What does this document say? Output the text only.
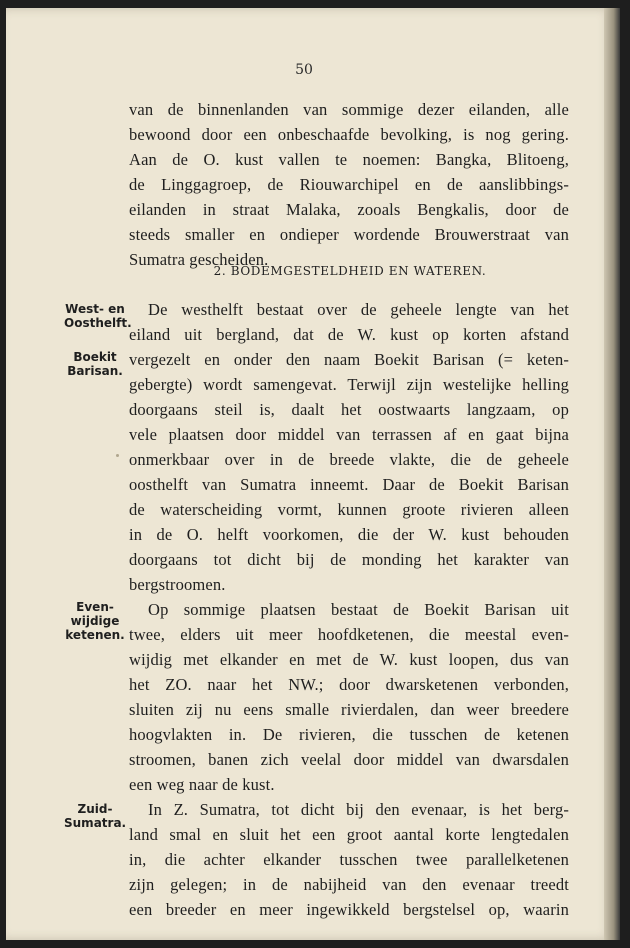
50
van de binnenlanden van sommige dezer eilanden, alle
bewoond door een onbeschaafde bevolking, is nog gering.
Aan de O. kust vallen te noemen: Bangka, Blitoeng,
de Linggagroep, de Riouwarchipel en de aanslibbings-
eilanden in straat Malaka, zooals Bengkalis, door de
steeds smaller en ondieper wordende Brouwerstraat van
Sumatra gescheiden.
2. BODEMGESTELDHEID EN WATEREN.
De westhelft bestaat over de geheele lengte van het
eiland uit bergland, dat de W. kust op korten afstand
vergezelt en onder den naam Boekit Barisan (= keten-
gebergte) wordt samengevat. Terwijl zijn westelijke helling
doorgaans steil is, daalt het oostwaarts langzaam, op
vele plaatsen door middel van terrassen af en gaat bijna
onmerkbaar over in de breede vlakte, die de geheele
oosthelft van Sumatra inneemt. Daar de Boekit Barisan
de waterscheiding vormt, kunnen groote rivieren alleen
in de O. helft voorkomen, die der W. kust behouden
doorgaans tot dicht bij de monding het karakter van
bergstroomen.
Op sommige plaatsen bestaat de Boekit Barisan uit
twee, elders uit meer hoofdketenen, die meestal even-
wijdig met elkander en met de W. kust loopen, dus van
het ZO. naar het NW.; door dwarsketenen verbonden,
sluiten zij nu eens smalle rivierdalen, dan weer breedere
hoogvlakten in. De rivieren, die tusschen de ketenen
stroomen, banen zich veelal door middel van dwarsdalen
een weg naar de kust.
In Z. Sumatra, tot dicht bij den evenaar, is het berg-
land smal en sluit het een groot aantal korte lengtedalen
in, die achter elkander tusschen twee parallelketenen
zijn gelegen; in de nabijheid van den evenaar treedt
een breeder en meer ingewikkeld bergstelsel op, waarin
West- en Oosthelft.
Boekit Barisan.
Even-wijdige ketenen.
Zuid-Sumatra.
